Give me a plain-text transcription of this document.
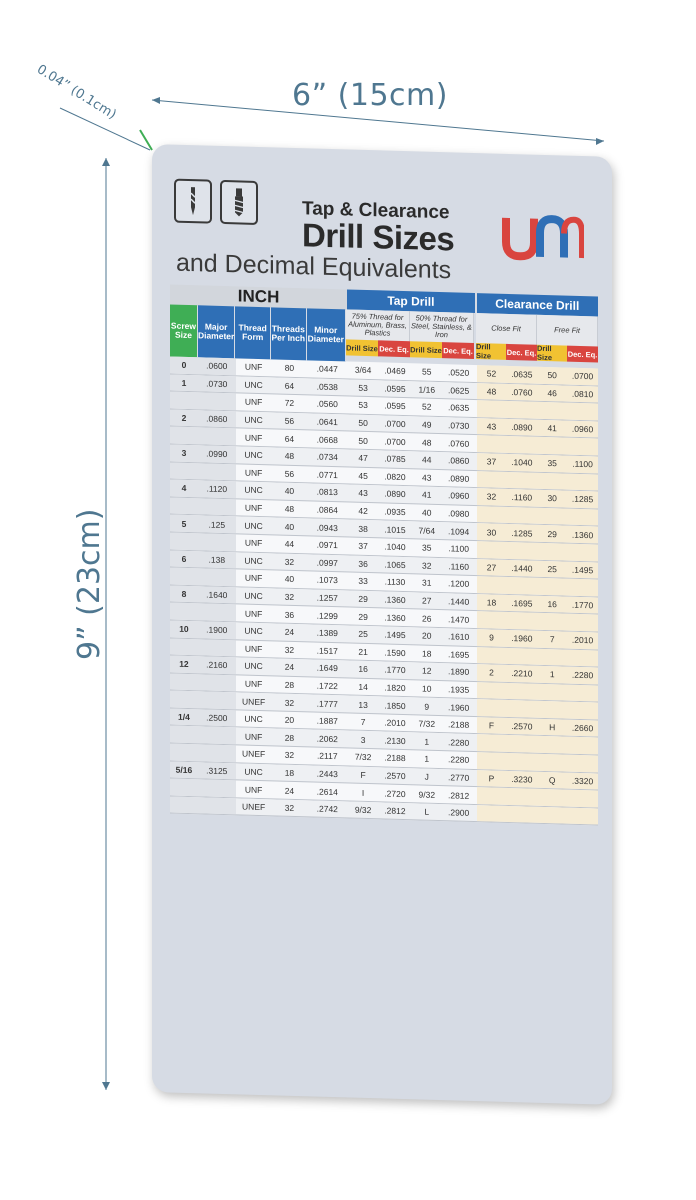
6” (15cm)
9” (23cm)
0.04” (0.1cm)
Tap & Clearance
Drill Sizes
and Decimal Equivalents
INCH	Tap Drill	Clearance Drill
Screw Size
Major Diameter
Thread Form
Threads Per Inch
Minor Diameter
75% Thread for Aluminum, Brass, Plastics
Drill Size Dec. Eq.
50% Thread for Steel, Stainless, & Iron
Drill Size Dec. Eq.
Close Fit
Drill Size	Dec. Eq.
Free Fit
Drill Size	Dec. Eq.
0	.0600	UNF	80	.0447	3/64	.0469	55	.0520	52	.0635	50	.0700
1	.0730	UNC	64	.0538	53	.0595	1/16	.0625	48	.0760	46	.0810
UNF	72	.0560	53	.0595	52	.0635
2	.0860	UNC	56	.0641	50	.0700	49	.0730	43	.0890	41	.0960
UNF	64	.0668	50	.0700	48	.0760
3	.0990	UNC	48	.0734	47	.0785	44	.0860	37	.1040	35	.1100
UNF	56	.0771	45	.0820	43	.0890
4	.1120	UNC	40	.0813	43	.0890	41	.0960	32	.1160	30	.1285
UNF	48	.0864	42	.0935	40	.0980
5	.125	UNC	40	.0943	38	.1015	7/64	.1094	30	.1285	29	.1360
UNF	44	.0971	37	.1040	35	.1100
6	.138	UNC	32	.0997	36	.1065	32	.1160	27	.1440	25	.1495
UNF	40	.1073	33	.1130	31	.1200
8	.1640	UNC	32	.1257	29	.1360	27	.1440	18	.1695	16	.1770
UNF	36	.1299	29	.1360	26	.1470
10	.1900	UNC	24	.1389	25	.1495	20	.1610	9	.1960	7	.2010
UNF	32	.1517	21	.1590	18	.1695
12	.2160	UNC	24	.1649	16	.1770	12	.1890	2	.2210	1	.2280
UNF	28	.1722	14	.1820	10	.1935
UNEF	32	.1777	13	.1850	9	.1960
1/4	.2500	UNC	20	.1887	7	.2010	7/32	.2188	F	.2570	H	.2660
UNF	28	.2062	3	.2130	1	.2280
UNEF	32	.2117	7/32	.2188	1	.2280
5/16	.3125	UNC	18	.2443	F	.2570	J	.2770	P	.3230	Q	.3320
UNF	24	.2614	I	.2720	9/32	.2812
UNEF	32	.2742	9/32	.2812	L	.2900
